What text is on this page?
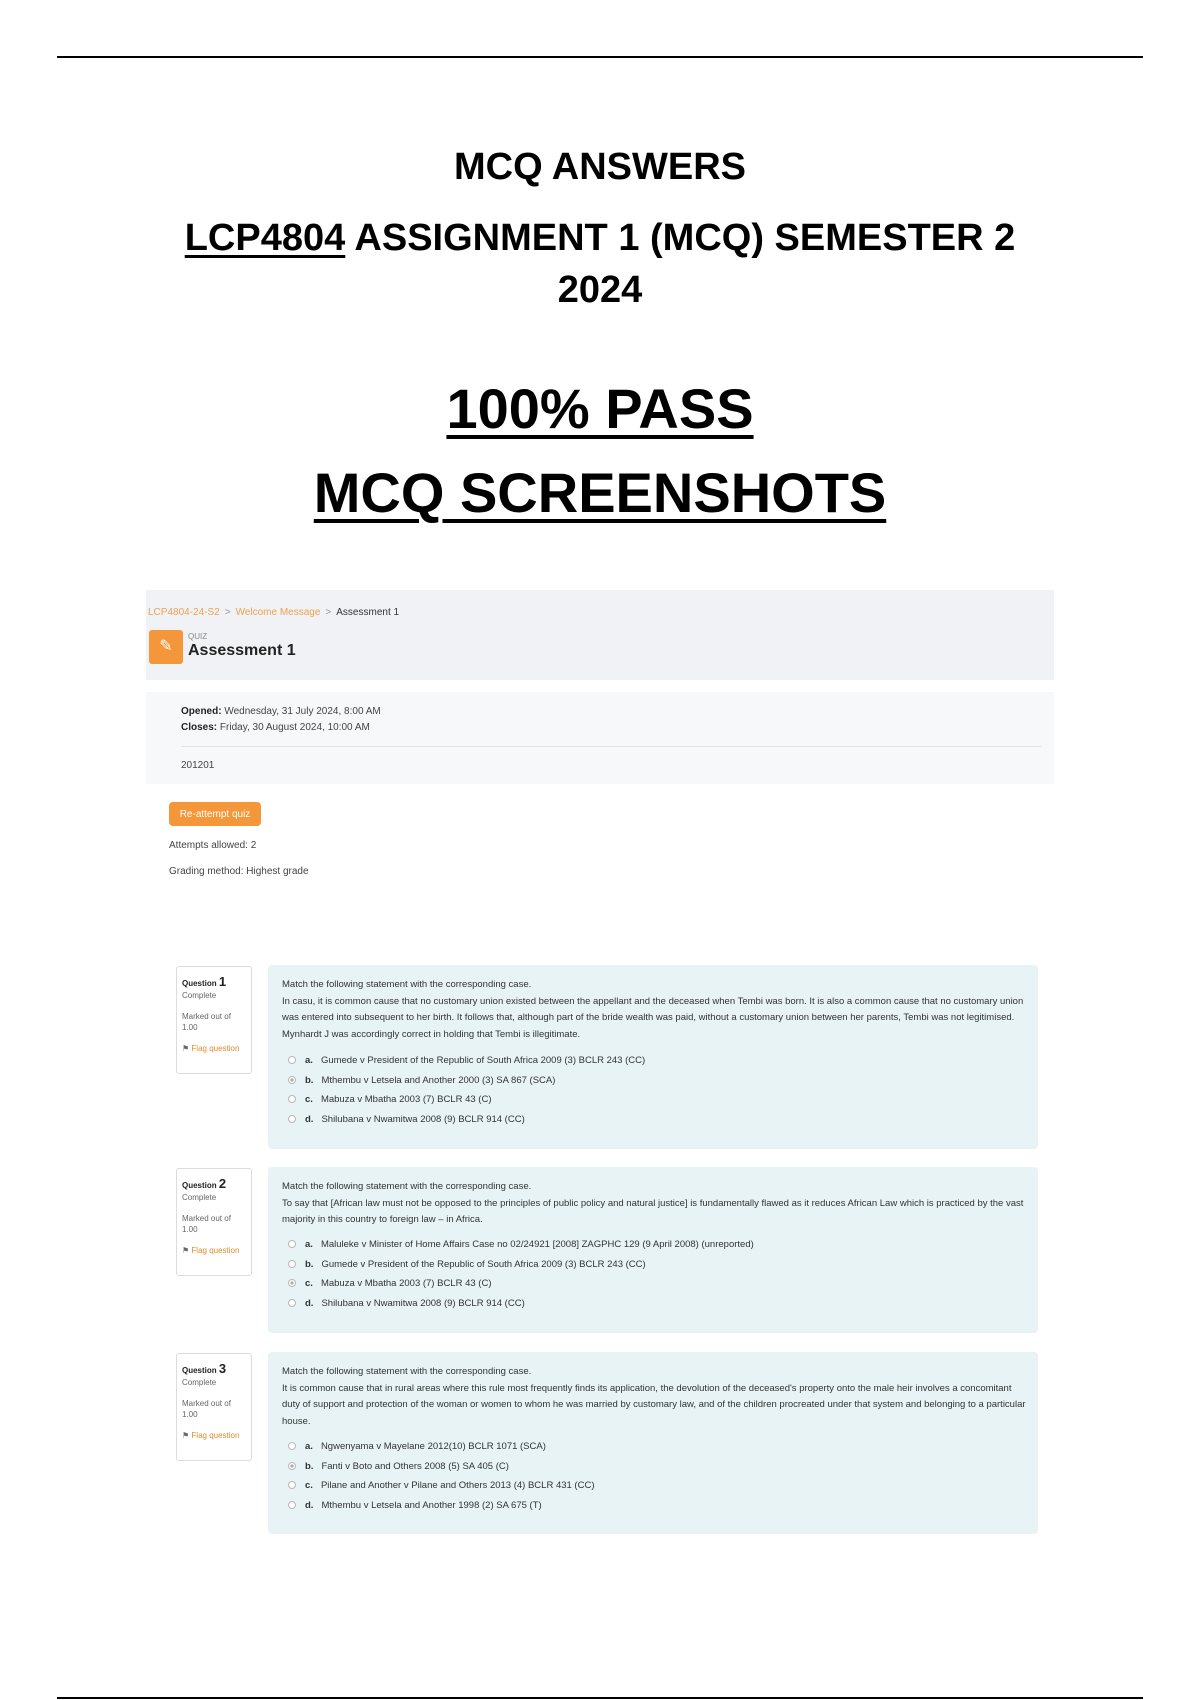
MCQ ANSWERS
LCP4804 ASSIGNMENT 1 (MCQ) SEMESTER 2
2024
100% PASS
MCQ SCREENSHOTS
LCP4804-24-S2 > Welcome Message > Assessment 1
✎
QUIZ
Assessment 1
Opened: Wednesday, 31 July 2024, 8:00 AM
Closes: Friday, 30 August 2024, 10:00 AM
201201
Re-attempt quiz
Attempts allowed: 2
Grading method: Highest grade
Question 1
Complete
Marked out of 1.00
⚑ Flag question
Match the following statement with the corresponding case.
In casu, it is common cause that no customary union existed between the appellant and the deceased when Tembi was born. It is also a common cause that no customary union was entered into subsequent to her birth. It follows that, although part of the bride wealth was paid, without a customary union between her parents, Tembi was not legitimised. Mynhardt J was accordingly correct in holding that Tembi is illegitimate.
a. Gumede v President of the Republic of South Africa 2009 (3) BCLR 243 (CC)
b. Mthembu v Letsela and Another 2000 (3) SA 867 (SCA)
c. Mabuza v Mbatha 2003 (7) BCLR 43 (C)
d. Shilubana v Nwamitwa 2008 (9) BCLR 914 (CC)
Question 2
Complete
Marked out of 1.00
⚑ Flag question
Match the following statement with the corresponding case.
To say that [African law must not be opposed to the principles of public policy and natural justice] is fundamentally flawed as it reduces African Law which is practiced by the vast majority in this country to foreign law – in Africa.
a. Maluleke v Minister of Home Affairs Case no 02/24921 [2008] ZAGPHC 129 (9 April 2008) (unreported)
b. Gumede v President of the Republic of South Africa 2009 (3) BCLR 243 (CC)
c. Mabuza v Mbatha 2003 (7) BCLR 43 (C)
d. Shilubana v Nwamitwa 2008 (9) BCLR 914 (CC)
Question 3
Complete
Marked out of 1.00
⚑ Flag question
Match the following statement with the corresponding case.
It is common cause that in rural areas where this rule most frequently finds its application, the devolution of the deceased's property onto the male heir involves a concomitant duty of support and protection of the woman or women to whom he was married by customary law, and of the children procreated under that system and belonging to a particular house.
a. Ngwenyama v Mayelane 2012(10) BCLR 1071 (SCA)
b. Fanti v Boto and Others 2008 (5) SA 405 (C)
c. Pilane and Another v Pilane and Others 2013 (4) BCLR 431 (CC)
d. Mthembu v Letsela and Another 1998 (2) SA 675 (T)
